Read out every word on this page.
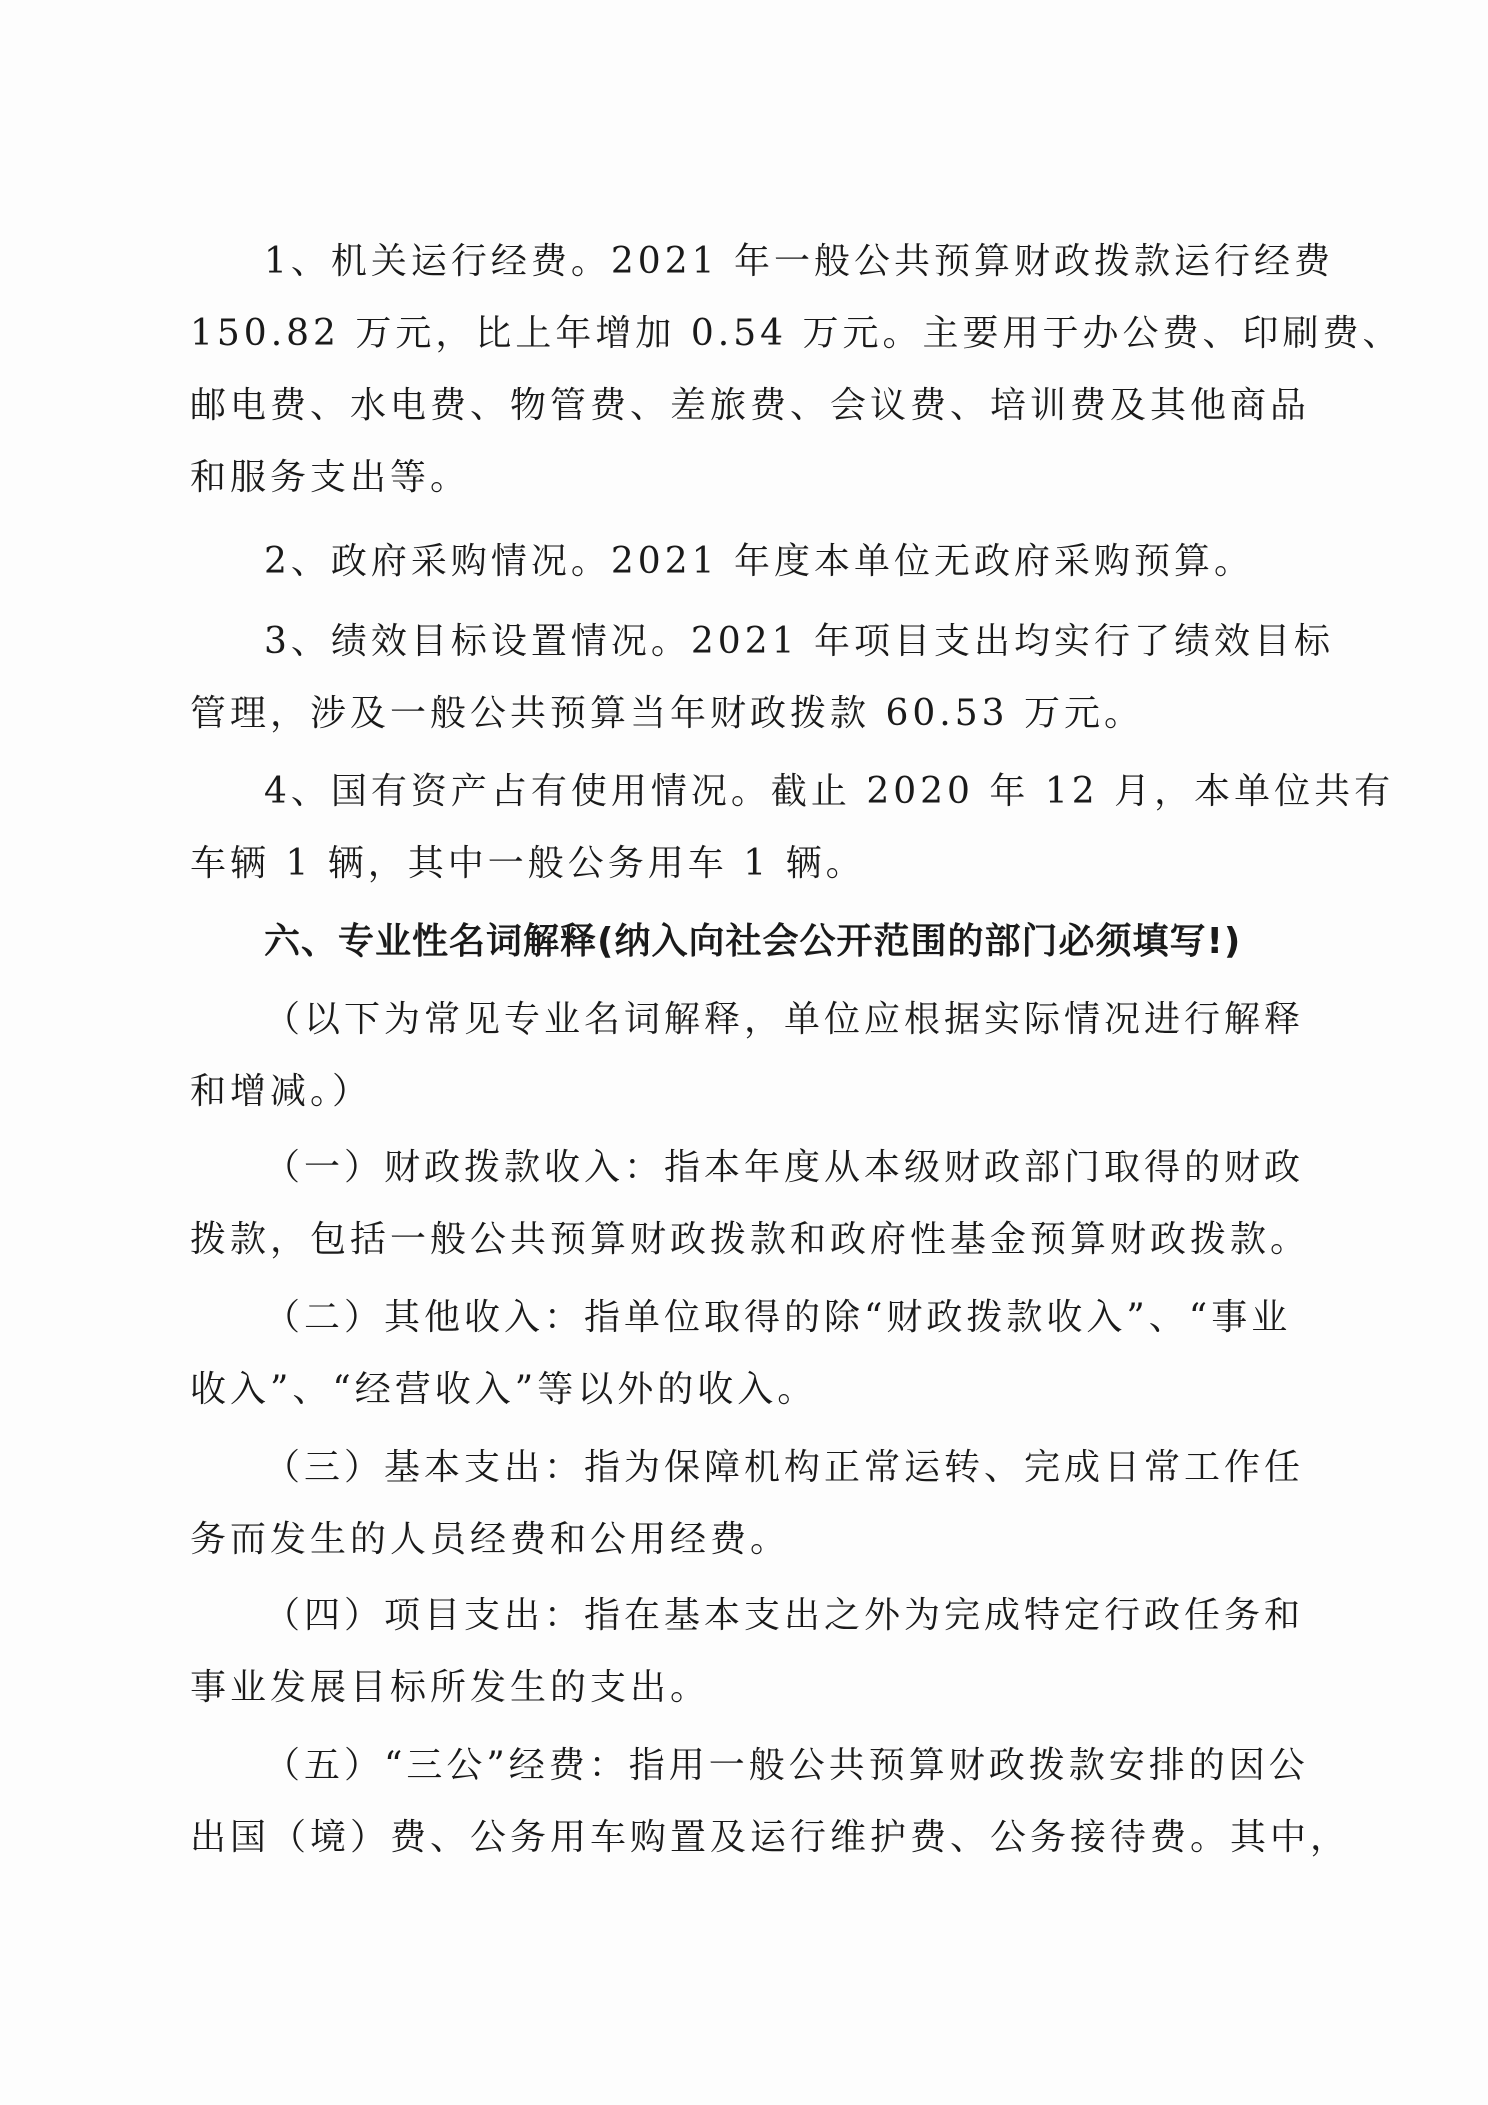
1、机关运行经费。2021 年一般公共预算财政拨款运行经费
150.82 万元，比上年增加 0.54 万元。主要用于办公费、印刷费、
邮电费、水电费、物管费、差旅费、会议费、培训费及其他商品
和服务支出等。

2、政府采购情况。2021 年度本单位无政府采购预算。

3、绩效目标设置情况。2021 年项目支出均实行了绩效目标
管理，涉及一般公共预算当年财政拨款 60.53 万元。

4、国有资产占有使用情况。截止 2020 年 12 月，本单位共有
车辆 1 辆，其中一般公务用车 1 辆。

六、专业性名词解释(纳入向社会公开范围的部门必须填写!)

（以下为常见专业名词解释，单位应根据实际情况进行解释
和增减。）

（一）财政拨款收入：指本年度从本级财政部门取得的财政
拨款，包括一般公共预算财政拨款和政府性基金预算财政拨款。

（二）其他收入：指单位取得的除“财政拨款收入”、“事业
收入”、“经营收入”等以外的收入。

（三）基本支出：指为保障机构正常运转、完成日常工作任
务而发生的人员经费和公用经费。

（四）项目支出：指在基本支出之外为完成特定行政任务和
事业发展目标所发生的支出。

（五）“三公”经费：指用一般公共预算财政拨款安排的因公
出国（境）费、公务用车购置及运行维护费、公务接待费。其中，
